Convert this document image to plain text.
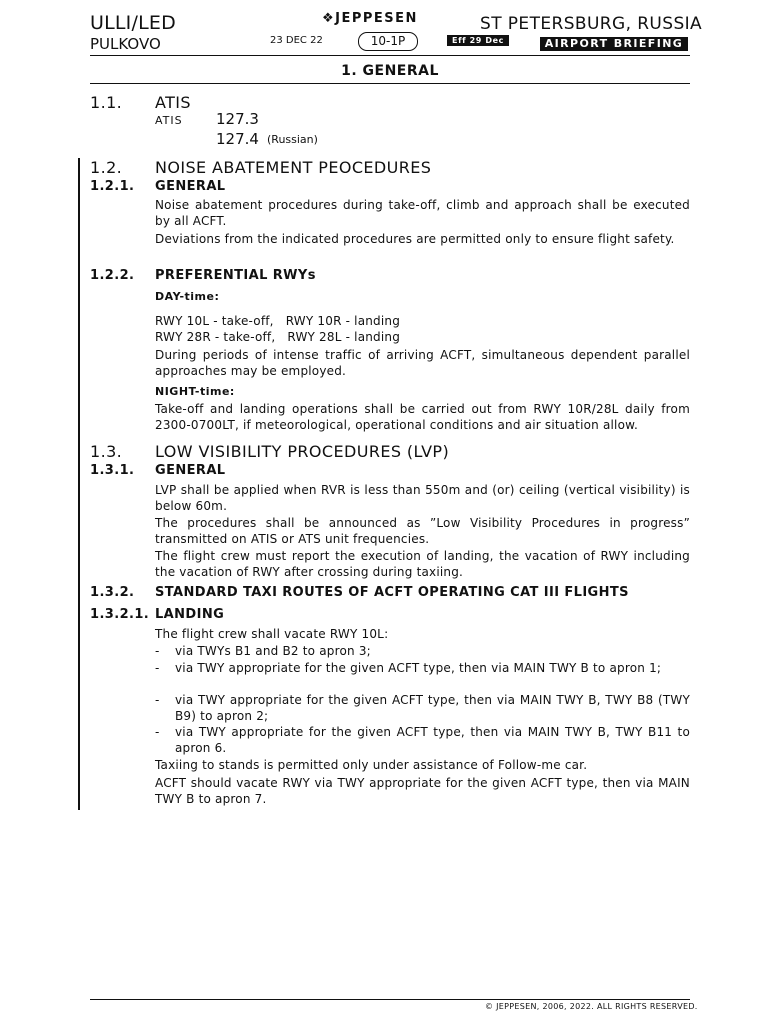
ULLI/LED
PULKOVO
❖JEPPESEN
23 DEC 22	10-1P	Eff 29 Dec
ST PETERSBURG, RUSSIA
AIRPORT BRIEFING
1. GENERAL
1.1. ATIS
ATIS 127.3
127.4 (Russian)
1.2. NOISE ABATEMENT PEOCEDURES
1.2.1. GENERAL
Noise abatement procedures during take-off, climb and approach shall be executed by all ACFT.
Deviations from the indicated procedures are permitted only to ensure flight safety.
1.2.2. PREFERENTIAL RWYs
DAY-time:
RWY 10L - take-off,   RWY 10R - landing
RWY 28R - take-off,   RWY 28L - landing
During periods of intense traffic of arriving ACFT, simultaneous dependent parallel approaches may be employed.
NIGHT-time:
Take-off and landing operations shall be carried out from RWY 10R/28L daily from 2300-0700LT, if meteorological, operational conditions and air situation allow.
1.3. LOW VISIBILITY PROCEDURES (LVP)
1.3.1. GENERAL
LVP shall be applied when RVR is less than 550m and (or) ceiling (vertical visibility) is below 60m.
The procedures shall be announced as ”Low Visibility Procedures in progress” transmitted on ATIS or ATS unit frequencies.
The flight crew must report the execution of landing, the vacation of RWY including the vacation of RWY after crossing during taxiing.
1.3.2. STANDARD TAXI ROUTES OF ACFT OPERATING CAT III FLIGHTS
1.3.2.1. LANDING
The flight crew shall vacate RWY 10L:
- via TWYs B1 and B2 to apron 3;
- via TWY appropriate for the given ACFT type, then via MAIN TWY B to apron 1;
- via TWY appropriate for the given ACFT type, then via MAIN TWY B, TWY B8 (TWY B9) to apron 2;
- via TWY appropriate for the given ACFT type, then via MAIN TWY B, TWY B11 to apron 6.
Taxiing to stands is permitted only under assistance of Follow-me car.
ACFT should vacate RWY via TWY appropriate for the given ACFT type, then via MAIN TWY B to apron 7.
© JEPPESEN, 2006, 2022. ALL RIGHTS RESERVED.
